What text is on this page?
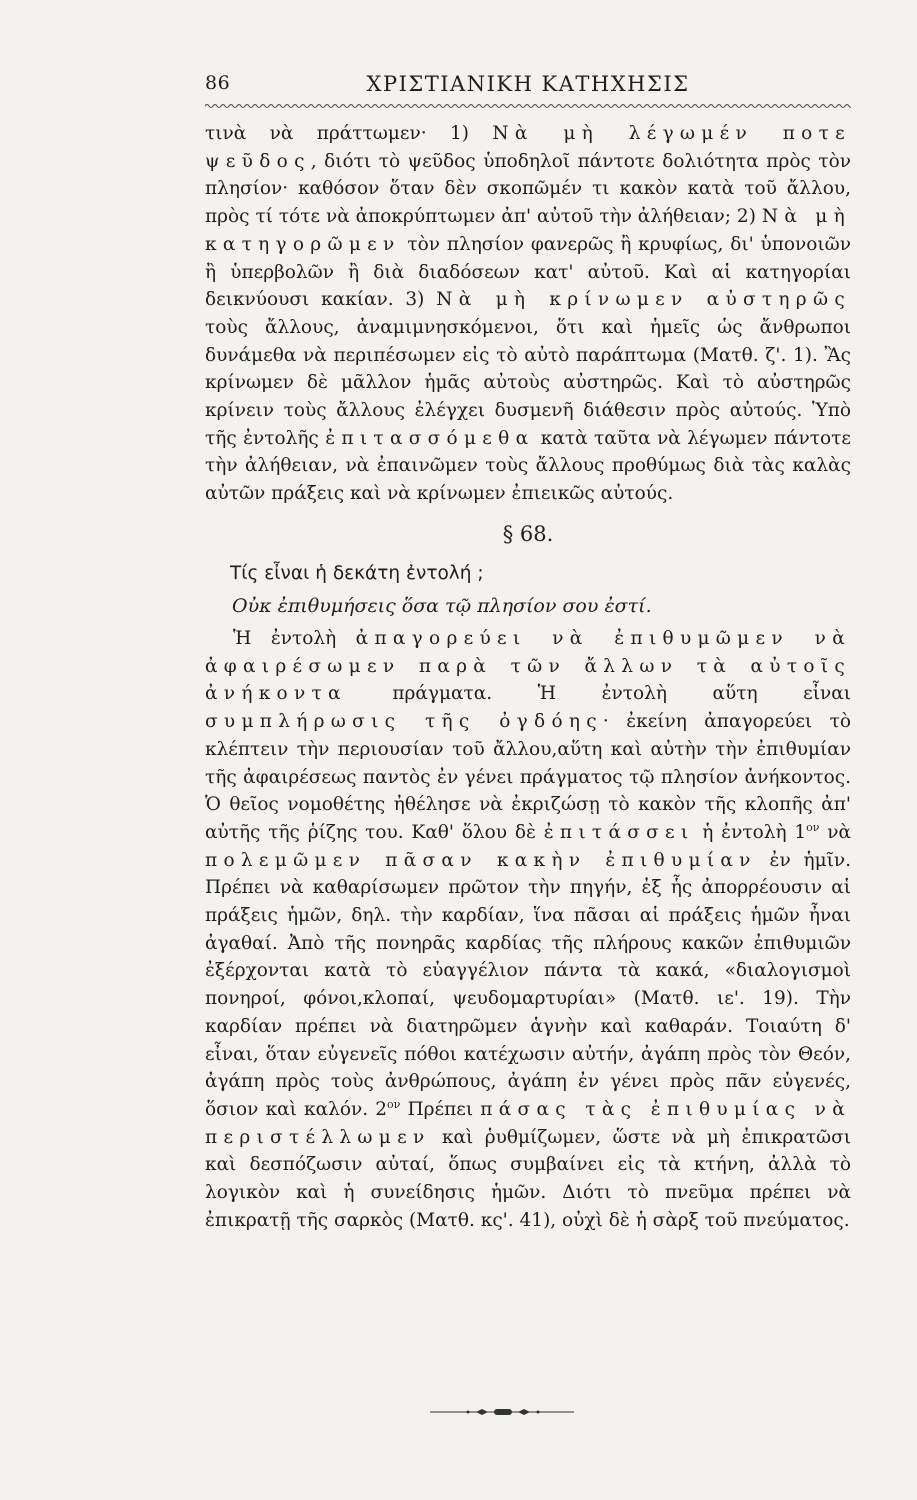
86	ΧΡΙΣΤΙΑΝΙΚΗ ΚΑΤΗΧΗΣΙΣ

τινὰ νὰ πράττωμεν· 1) Νὰ μὴ λέγωμέν ποτε ψεῦδος, διότι τὸ ψεῦδος ὑποδηλοῖ πάντοτε δολιότητα πρὸς τὸν πλησίον· καθόσον ὅταν δὲν σκοπῶμέν τι κακὸν κατὰ τοῦ ἄλλου, πρὸς τί τότε νὰ ἀποκρύπτωμεν ἀπ' αὐτοῦ τὴν ἀλήθειαν; 2) Νὰ μὴ κατηγορῶμεν τὸν πλησίον φανερῶς ἢ κρυφίως, δι' ὑπονοιῶν ἢ ὑπερβολῶν ἢ διὰ διαδόσεων κατ' αὐτοῦ. Καὶ αἱ κατηγορίαι δεικνύουσι κακίαν. 3) Νὰ μὴ κρίνωμεν αὐστηρῶς τοὺς ἄλλους, ἀναμιμνησκόμενοι, ὅτι καὶ ἡμεῖς ὡς ἄνθρωποι δυνάμεθα νὰ περιπέσωμεν εἰς τὸ αὐτὸ παράπτωμα (Ματθ. ζ'. 1). Ἂς κρίνωμεν δὲ μᾶλλον ἡμᾶς αὐτοὺς αὐστηρῶς. Καὶ τὸ αὐστηρῶς κρίνειν τοὺς ἄλλους ἐλέγχει δυσμενῆ διάθεσιν πρὸς αὐτούς. Ὑπὸ τῆς ἐντολῆς ἐπιτασσόμεθα κατὰ ταῦτα νὰ λέγωμεν πάντοτε τὴν ἀλήθειαν, νὰ ἐπαινῶμεν τοὺς ἄλλους προθύμως διὰ τὰς καλὰς αὐτῶν πράξεις καὶ νὰ κρίνωμεν ἐπιεικῶς αὐτούς.

§ 68.
Τίς εἶναι ἡ δεκάτη ἐντολή ;
Οὐκ ἐπιθυμήσεις ὅσα τῷ πλησίον σου ἐστί.

Ἡ ἐντολὴ ἀπαγορεύει νὰ ἐπιθυμῶμεν νὰ ἀφαιρέσωμεν παρὰ τῶν ἄλλων τὰ αὐτοῖς ἀνήκοντα πράγματα. Ἡ ἐντολὴ αὕτη εἶναι συμπλήρωσις τῆς ὀγδόης· ἐκείνη ἀπαγορεύει τὸ κλέπτειν τὴν περιουσίαν τοῦ ἄλλου,αὕτη καὶ αὐτὴν τὴν ἐπιθυμίαν τῆς ἀφαιρέσεως παντὸς ἐν γένει πράγματος τῷ πλησίον ἀνήκοντος. Ὁ θεῖος νομοθέτης ἠθέλησε νὰ ἐκριζώσῃ τὸ κακὸν τῆς κλοπῆς ἀπ' αὐτῆς τῆς ῥίζης του. Καθ' ὅλου δὲ ἐπιτάσσει ἡ ἐντολὴ $1^{o\nu}$ νὰ πολεμῶμεν πᾶσαν κακὴν ἐπιθυμίαν ἐν ἡμῖν. Πρέπει νὰ καθαρίσωμεν πρῶτον τὴν πηγήν, ἐξ ἧς ἀπορρέουσιν αἱ πράξεις ἡμῶν, δηλ. τὴν καρδίαν, ἵνα πᾶσαι αἱ πράξεις ἡμῶν ἦναι ἀγαθαί. Ἀπὸ τῆς πονηρᾶς καρδίας τῆς πλήρους κακῶν ἐπιθυμιῶν ἐξέρχονται κατὰ τὸ εὐαγγέλιον πάντα τὰ κακά, «διαλογισμοὶ πονηροί, φόνοι,κλοπαί, ψευδομαρτυρίαι» (Ματθ. ιε'. 19). Τὴν καρδίαν πρέπει νὰ διατηρῶμεν ἁγνὴν καὶ καθαράν. Τοιαύτη δ' εἶναι, ὅταν εὐγενεῖς πόθοι κατέχωσιν αὐτήν, ἀγάπη πρὸς τὸν Θεόν, ἀγάπη πρὸς τοὺς ἀνθρώπους, ἀγάπη ἐν γένει πρὸς πᾶν εὐγενές, ὅσιον καὶ καλόν. $2^{o\nu}$ Πρέπει πάσας τὰς ἐπιθυμίας νὰ περιστέλλωμεν καὶ ῥυθμίζωμεν, ὥστε νὰ μὴ ἐπικρατῶσι καὶ δεσπόζωσιν αὐταί, ὅπως συμβαίνει εἰς τὰ κτήνη, ἀλλὰ τὸ λογικὸν καὶ ἡ συνείδησις ἡμῶν. Διότι τὸ πνεῦμα πρέπει νὰ ἐπικρατῇ τῆς σαρκὸς (Ματθ. κς'. 41), οὐχὶ δὲ ἡ σὰρξ τοῦ πνεύματος.
